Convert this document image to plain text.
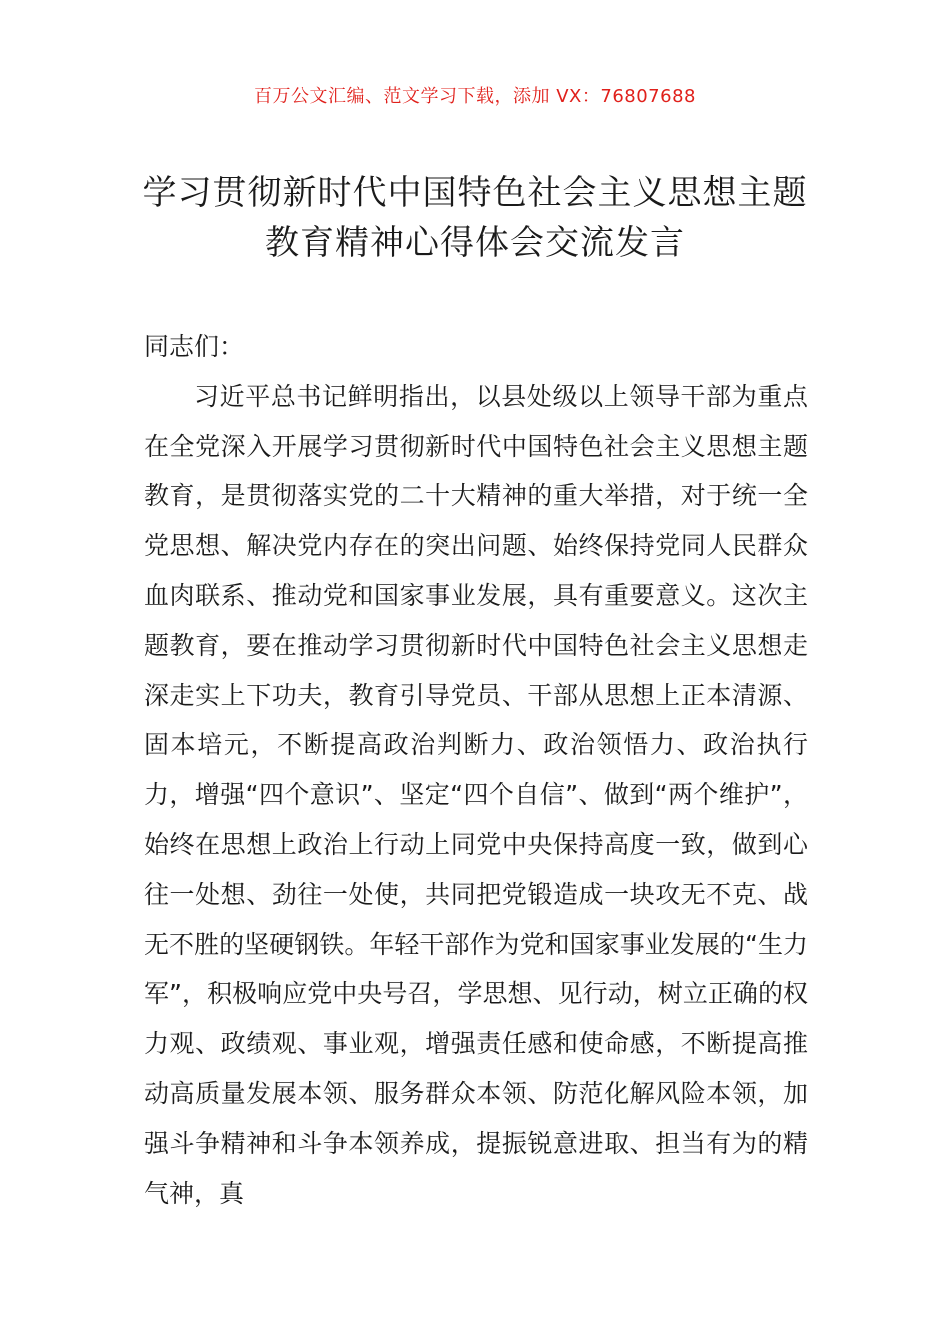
百万公文汇编、范文学习下载，添加 VX：76807688
学习贯彻新时代中国特色社会主义思想主题教育精神心得体会交流发言

同志们：

习近平总书记鲜明指出，以县处级以上领导干部为重点在全党深入开展学习贯彻新时代中国特色社会主义思想主题教育，是贯彻落实党的二十大精神的重大举措，对于统一全党思想、解决党内存在的突出问题、始终保持党同人民群众血肉联系、推动党和国家事业发展，具有重要意义。这次主题教育，要在推动学习贯彻新时代中国特色社会主义思想走深走实上下功夫，教育引导党员、干部从思想上正本清源、固本培元，不断提高政治判断力、政治领悟力、政治执行力，增强“四个意识”、坚定“四个自信”、做到“两个维护”，始终在思想上政治上行动上同党中央保持高度一致，做到心往一处想、劲往一处使，共同把党锻造成一块攻无不克、战无不胜的坚硬钢铁。年轻干部作为党和国家事业发展的“生力军”，积极响应党中央号召，学思想、见行动，树立正确的权力观、政绩观、事业观，增强责任感和使命感，不断提高推动高质量发展本领、服务群众本领、防范化解风险本领，加强斗争精神和斗争本领养成，提振锐意进取、担当有为的精气神，真
